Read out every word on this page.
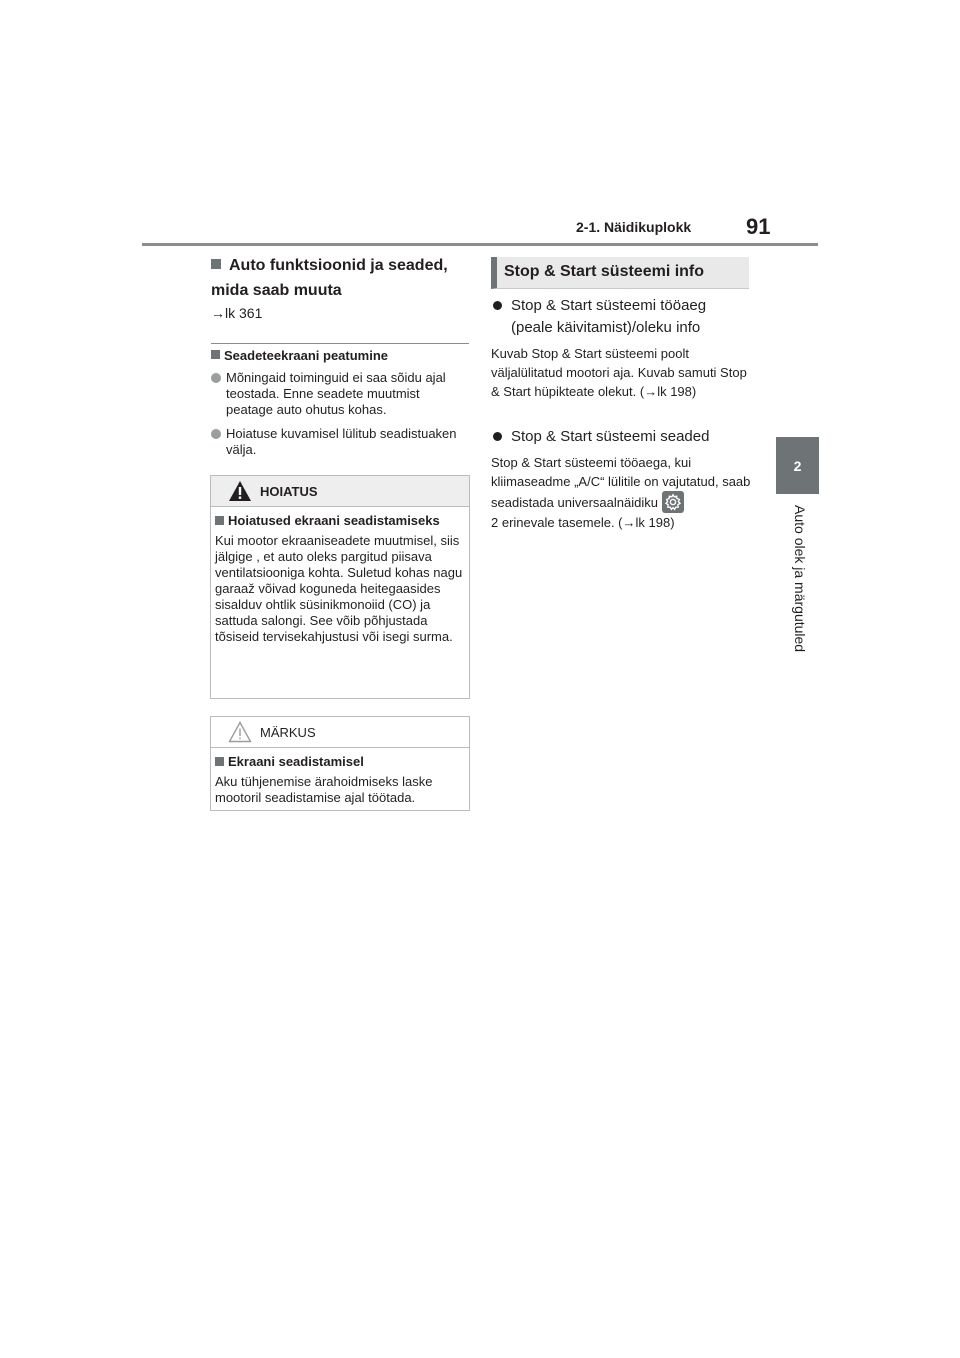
2-1. Näidikuplokk 91
2
Auto olek ja märgutuled
Auto funktsioonid ja seaded, mida saab muuta
→lk 361
Seadeteekraani peatumine
Mõningaid toiminguid ei saa sõidu ajal teostada. Enne seadete muutmist peatage auto ohutus kohas.
Hoiatuse kuvamisel lülitub seadistuaken välja.
HOIATUS
Hoiatused ekraani seadistamiseks
Kui mootor ekraaniseadete muutmisel, siis jälgige , et auto oleks pargitud piisava ventilatsiooniga kohta. Suletud kohas nagu garaaž võivad koguneda heitegaasides sisalduv ohtlik süsinikmonoiid (CO) ja sattuda salongi. See võib põhjustada tõsiseid tervisekahjustusi või isegi surma.
MÄRKUS
Ekraani seadistamisel
Aku tühjenemise ärahoidmiseks laske mootoril seadistamise ajal töötada.
Stop & Start süsteemi info
Stop & Start süsteemi tööaeg (peale käivitamist)/oleku info
Kuvab Stop & Start süsteemi poolt väljalülitatud mootori aja. Kuvab samuti Stop & Start hüpikteate olekut. (→lk 198)
Stop & Start süsteemi seaded
Stop & Start süsteemi tööaega, kui kliimaseadme „A/C“ lülitile on vajutatud, saab seadistada universaalnäidiku

2 erinevale tasemele. (→lk 198)
